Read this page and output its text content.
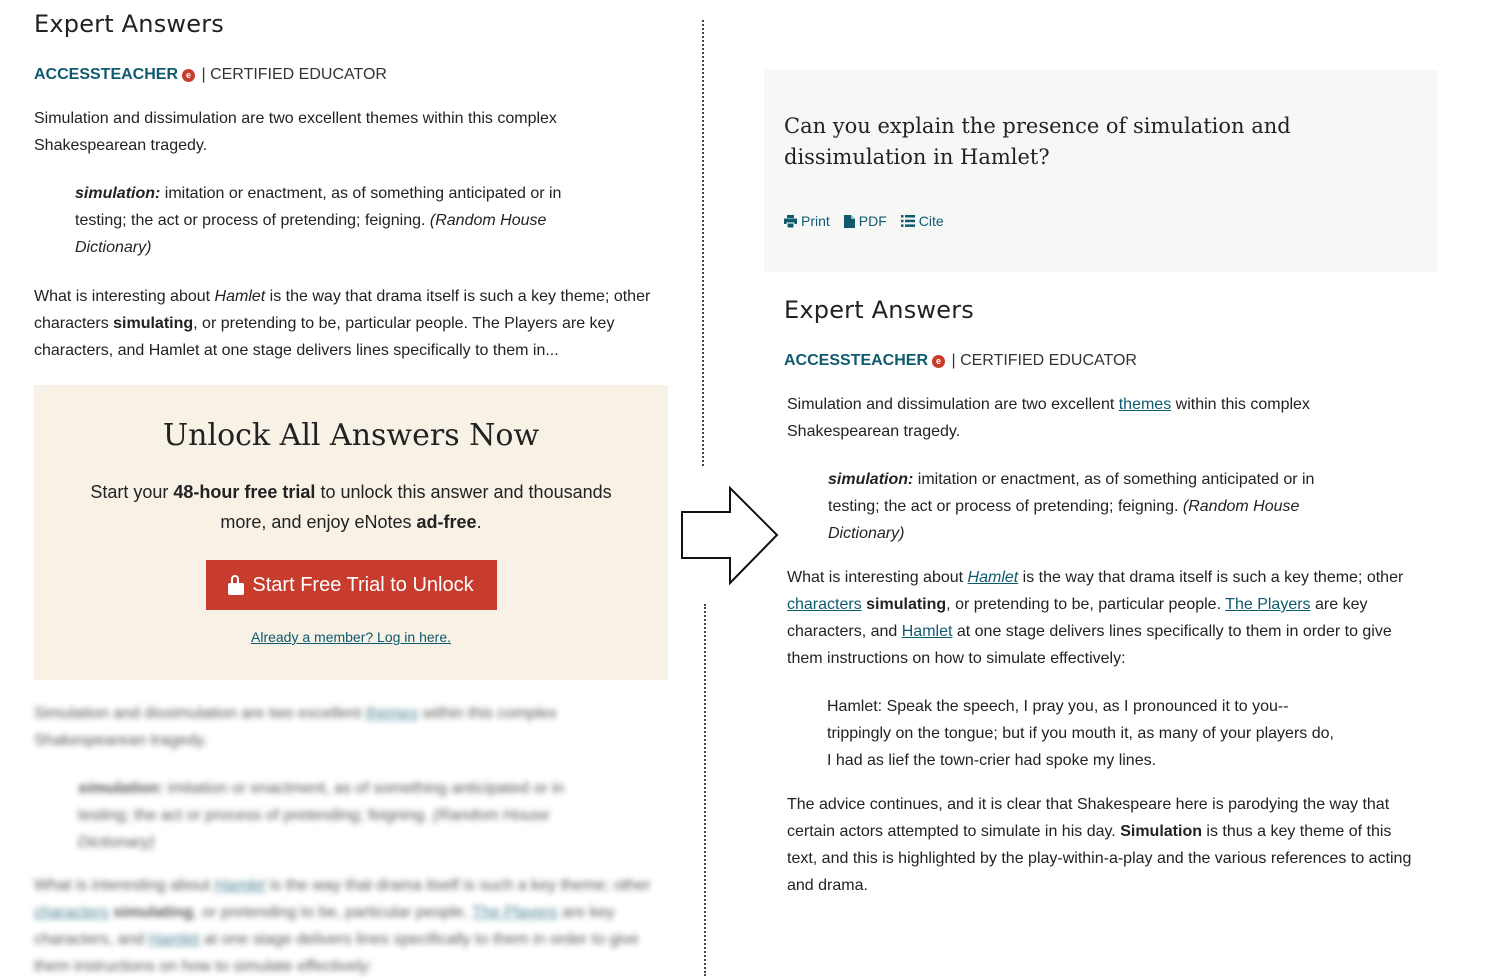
Expert Answers
ACCESSTEACHER e | CERTIFIED EDUCATOR

Simulation and dissimulation are two excellent themes within this complex Shakespearean tragedy.

simulation: imitation or enactment, as of something anticipated or in testing; the act or process of pretending; feigning. (Random House Dictionary)

What is interesting about Hamlet is the way that drama itself is such a key theme; other characters simulating, or pretending to be, particular people. The Players are key characters, and Hamlet at one stage delivers lines specifically to them in...

Unlock All Answers Now

Start your 48-hour free trial to unlock this answer and thousands more, and enjoy eNotes ad-free.

Start Free Trial to Unlock
Already a member? Log in here.

Simulation and dissimulation are two excellent themes within this complex Shakespearean tragedy.

simulation: imitation or enactment, as of something anticipated or in testing; the act or process of pretending; feigning. (Random House Dictionary)

What is interesting about Hamlet is the way that drama itself is such a key theme; other characters simulating, or pretending to be, particular people. The Players are key characters, and Hamlet at one stage delivers lines specifically to them in order to give them instructions on how to simulate effectively:

Can you explain the presence of simulation and dissimulation in Hamlet?
Print PDF Cite
Expert Answers
ACCESSTEACHER e | CERTIFIED EDUCATOR

Simulation and dissimulation are two excellent themes within this complex Shakespearean tragedy.

simulation: imitation or enactment, as of something anticipated or in testing; the act or process of pretending; feigning. (Random House Dictionary)

What is interesting about Hamlet is the way that drama itself is such a key theme; other characters simulating, or pretending to be, particular people. The Players are key characters, and Hamlet at one stage delivers lines specifically to them in order to give them instructions on how to simulate effectively:

Hamlet: Speak the speech, I pray you, as I pronounced it to you--
trippingly on the tongue; but if you mouth it, as many of your players do,
I had as lief the town-crier had spoke my lines.

The advice continues, and it is clear that Shakespeare here is parodying the way that certain actors attempted to simulate in his day. Simulation is thus a key theme of this text, and this is highlighted by the play-within-a-play and the various references to acting and drama.
